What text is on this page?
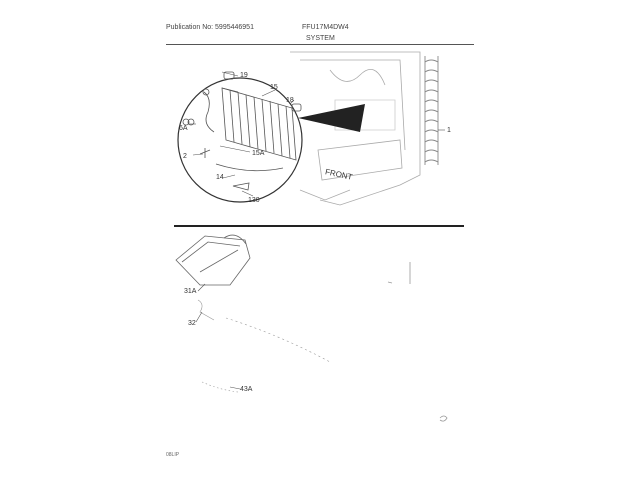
Publication No: 5995446951	FFU17M4DW4
SYSTEM
19
15
18
6A	1
2	15A
14
130
FRONT
31A
32
43A
08LIP
